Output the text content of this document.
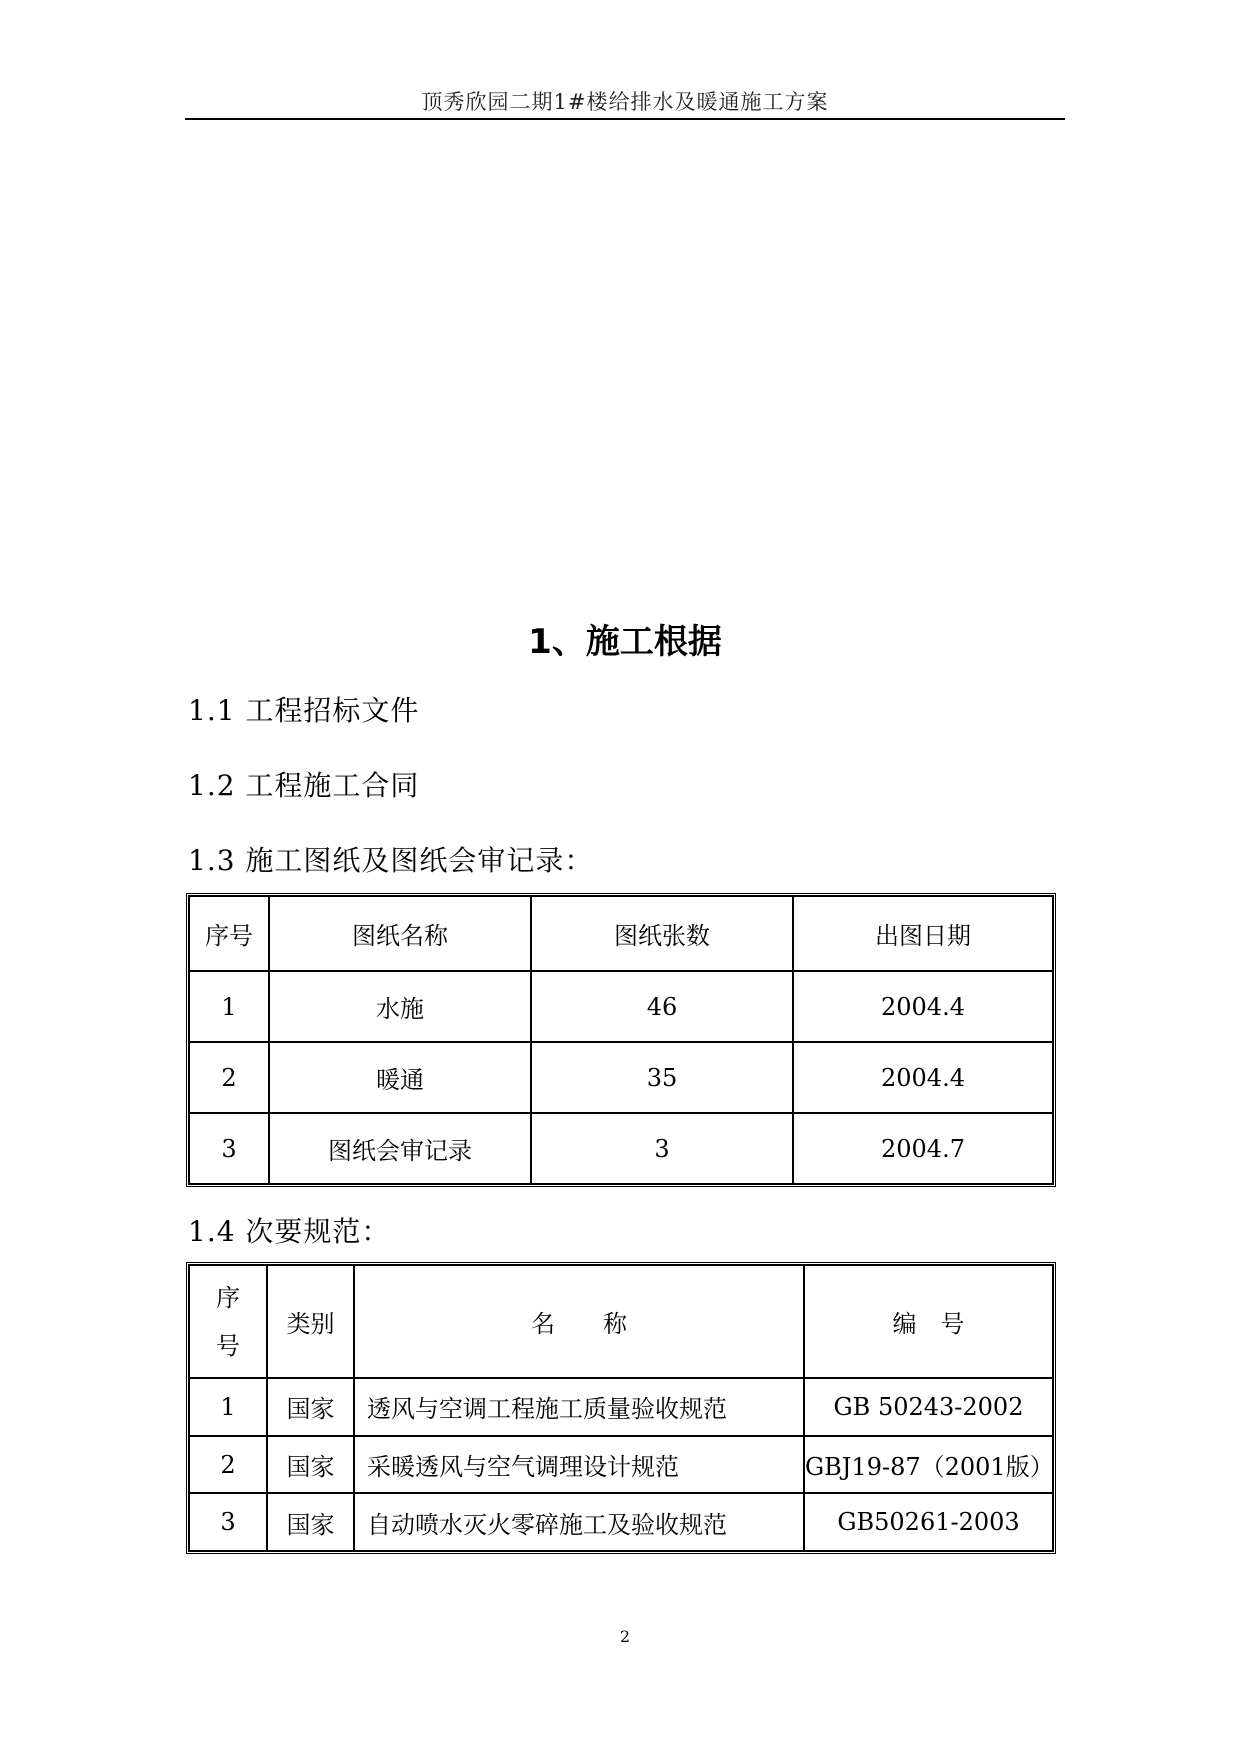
顶秀欣园二期1#楼给排水及暖通施工方案
1、施工根据
1.1 工程招标文件
1.2 工程施工合同
1.3 施工图纸及图纸会审记录：
序号	图纸名称	图纸张数	出图日期
1	水施	46	2004.4
2	暖通	35	2004.4
3	图纸会审记录	3	2004.7
1.4 次要规范：
序
号	类别	名　　称	编　号
1	国家	透风与空调工程施工质量验收规范	GB 50243-2002
2	国家	采暖透风与空气调理设计规范	GBJ19-87（2001版）
3	国家	自动喷水灭火零碎施工及验收规范	GB50261-2003
2
